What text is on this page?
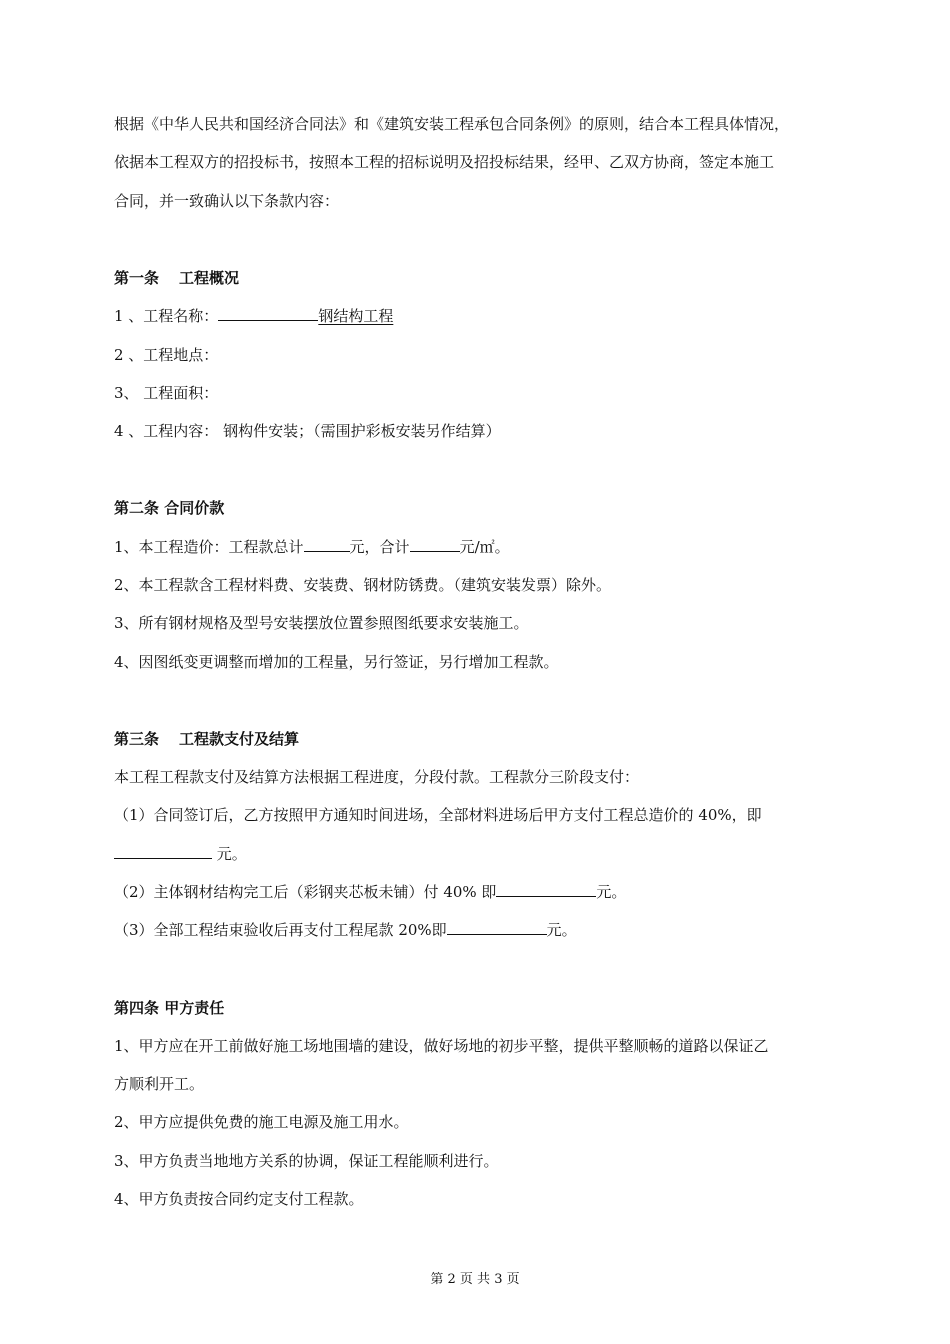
根据《中华人民共和国经济合同法》和《建筑安装工程承包合同条例》的原则，结合本工程具体情况，
依据本工程双方的招投标书，按照本工程的招标说明及招投标结果，经甲、乙双方协商，签定本施工
合同，并一致确认以下条款内容：
第一条 工程概况
1 、工程名称：	钢结构工程
2 、工程地点：
3、 工程面积：
4 、工程内容： 钢构件安装；（需围护彩板安装另作结算）
第二条 合同价款
1、本工程造价：工程款总计	元，合计	元/㎡。
2、本工程款含工程材料费、安装费、钢材防锈费。（建筑安装发票）除外。
3、所有钢材规格及型号安装摆放位置参照图纸要求安装施工。
4、因图纸变更调整而增加的工程量，另行签证，另行增加工程款。
第三条 工程款支付及结算
本工程工程款支付及结算方法根据工程进度，分段付款。工程款分三阶段支付：
（1）合同签订后，乙方按照甲方通知时间进场，全部材料进场后甲方支付工程总造价的 40%，即
元。
（2）主体钢材结构完工后（彩钢夹芯板未铺）付 40% 即	元。
（3）全部工程结束验收后再支付工程尾款 20%即	元。
第四条 甲方责任
1、甲方应在开工前做好施工场地围墙的建设，做好场地的初步平整，提供平整顺畅的道路以保证乙
方顺利开工。
2、甲方应提供免费的施工电源及施工用水。
3、甲方负责当地地方关系的协调，保证工程能顺利进行。
4、甲方负责按合同约定支付工程款。
第 2 页 共 3 页
